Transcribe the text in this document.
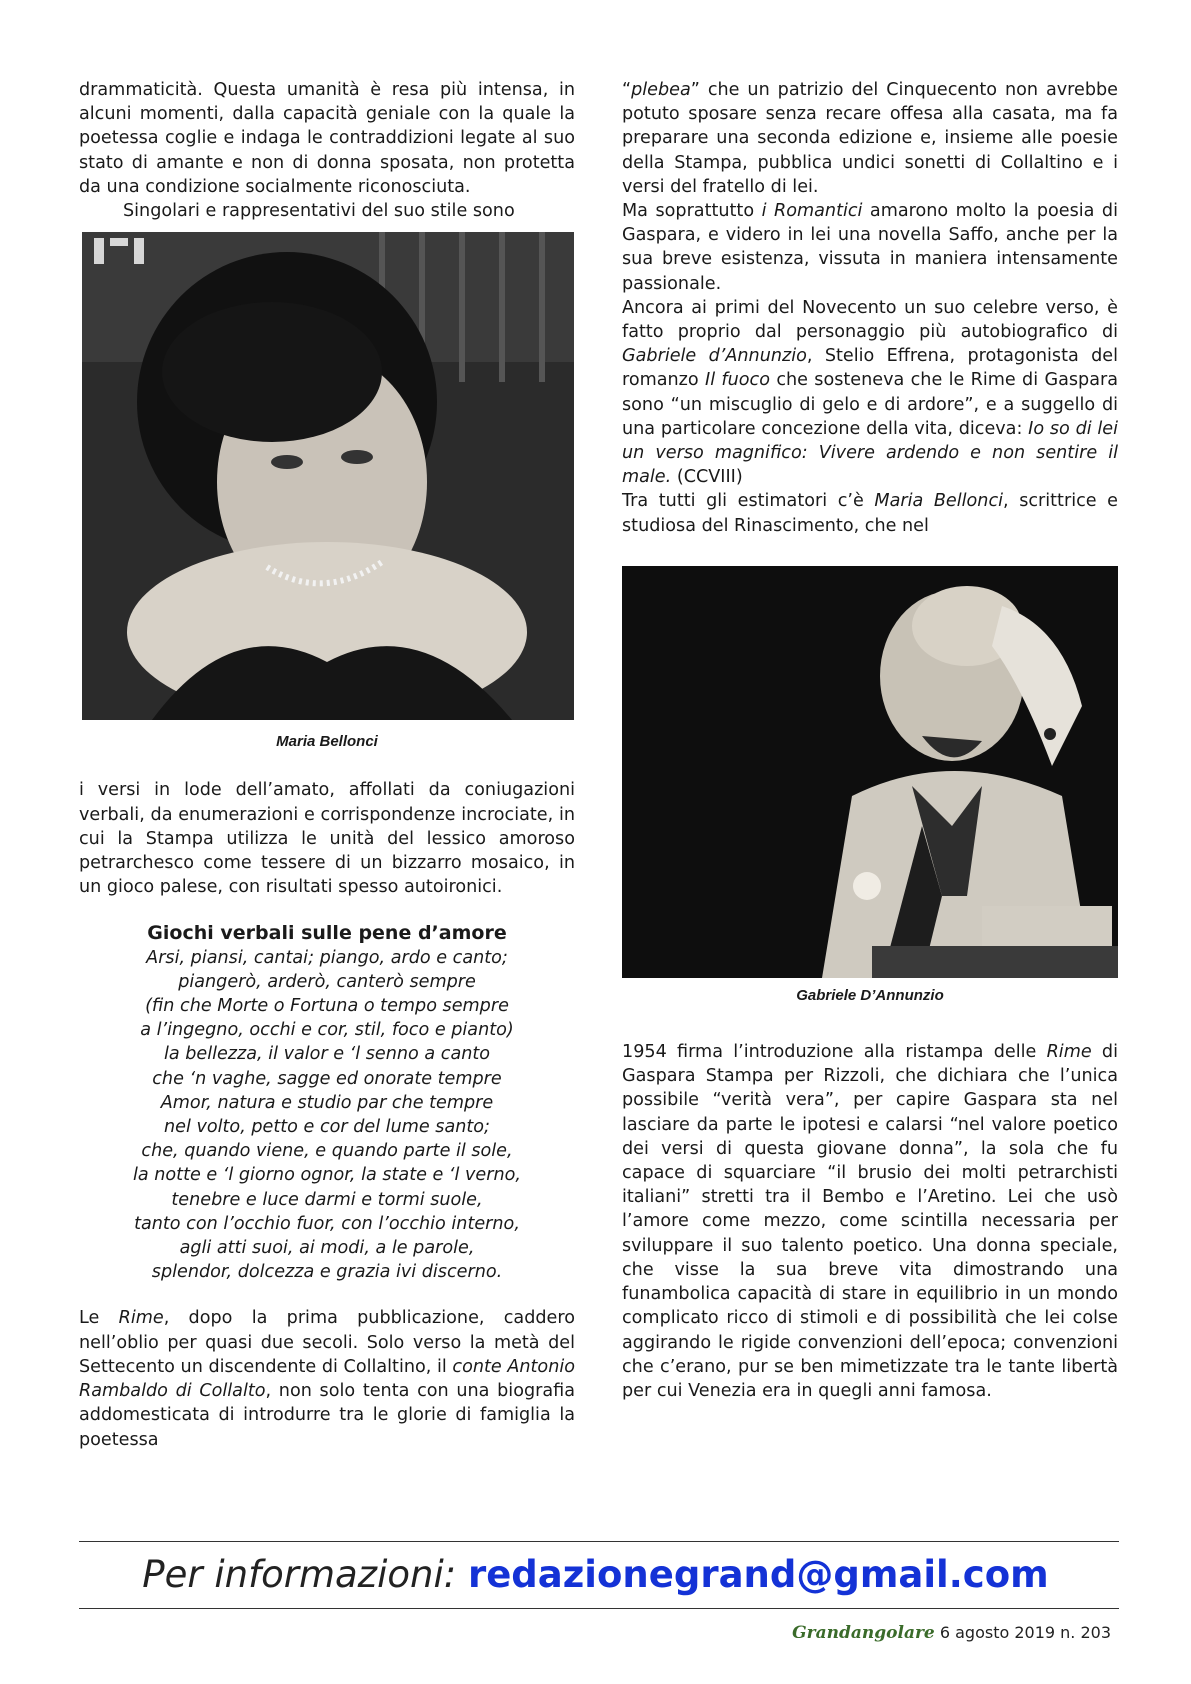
drammaticità. Questa umanità è resa più intensa, in alcuni momenti, dalla capacità geniale con la quale la poetessa coglie e indaga le contraddizioni legate al suo stato di amante e non di donna sposata, non protetta da una condizione socialmente riconosciuta.

Singolari e rappresentativi del suo stile sono

Maria Bellonci

i versi in lode dell’amato, affollati da coniugazioni verbali, da enumerazioni e corrispondenze incrociate, in cui la Stampa utilizza le unità del lessico amoroso petrarchesco come tessere di un bizzarro mosaico, in un gioco palese, con risultati spesso autoironici.

Giochi verbali sulle pene d’amore

Arsi, piansi, cantai; piango, ardo e canto;
piangerò, arderò, canterò sempre
(fin che Morte o Fortuna o tempo sempre
a l’ingegno, occhi e cor, stil, foco e pianto)
la bellezza, il valor e ‘l senno a canto
che ‘n vaghe, sagge ed onorate tempre
Amor, natura e studio par che tempre
nel volto, petto e cor del lume santo;
che, quando viene, e quando parte il sole,
la notte e ‘l giorno ognor, la state e ‘l verno,
tenebre e luce darmi e tormi suole,
tanto con l’occhio fuor, con l’occhio interno,
agli atti suoi, ai modi, a le parole,
splendor, dolcezza e grazia ivi discerno.

Le Rime, dopo la prima pubblicazione, caddero nell’oblio per quasi due secoli. Solo verso la metà del Settecento un discendente di Collaltino, il conte Antonio Rambaldo di Collalto, non solo tenta con una biografia addomesticata di introdurre tra le glorie di famiglia la poetessa

“plebea” che un patrizio del Cinquecento non avrebbe potuto sposare senza recare offesa alla casata, ma fa preparare una seconda edizione e, insieme alle poesie della Stampa, pubblica undici sonetti di Collaltino e i versi del fratello di lei.

Ma soprattutto i Romantici amarono molto la poesia di Gaspara, e videro in lei una novella Saffo, anche per la sua breve esistenza, vissuta in maniera intensamente passionale.

Ancora ai primi del Novecento un suo celebre verso, è fatto proprio dal personaggio più autobiografico di Gabriele d’Annunzio, Stelio Effrena, protagonista del romanzo Il fuoco che sosteneva che le Rime di Gaspara sono “un miscuglio di gelo e di ardore”, e a suggello di una particolare concezione della vita, diceva: Io so di lei un verso magnifico: Vivere ardendo e non sentire il male. (CCVIII)

Tra tutti gli estimatori c’è Maria Bellonci, scrittrice e studiosa del Rinascimento, che nel

Gabriele D’Annunzio

1954 firma l’introduzione alla ristampa delle Rime di Gaspara Stampa per Rizzoli, che dichiara che l’unica possibile “verità vera”, per capire Gaspara sta nel lasciare da parte le ipotesi e calarsi “nel valore poetico dei versi di questa giovane donna”, la sola che fu capace di squarciare “il brusio dei molti petrarchisti italiani” stretti tra il Bembo e l’Aretino. Lei che usò l’amore come mezzo, come scintilla necessaria per sviluppare il suo talento poetico. Una donna speciale, che visse la sua breve vita dimostrando una funambolica capacità di stare in equilibrio in un mondo complicato ricco di stimoli e di possibilità che lei colse aggirando le rigide convenzioni dell’epoca; convenzioni che c’erano, pur se ben mimetizzate tra le tante libertà per cui Venezia era in quegli anni famosa.

Per informazioni: redazionegrand@gmail.com
Grandangolare 6 agosto 2019 n. 203
